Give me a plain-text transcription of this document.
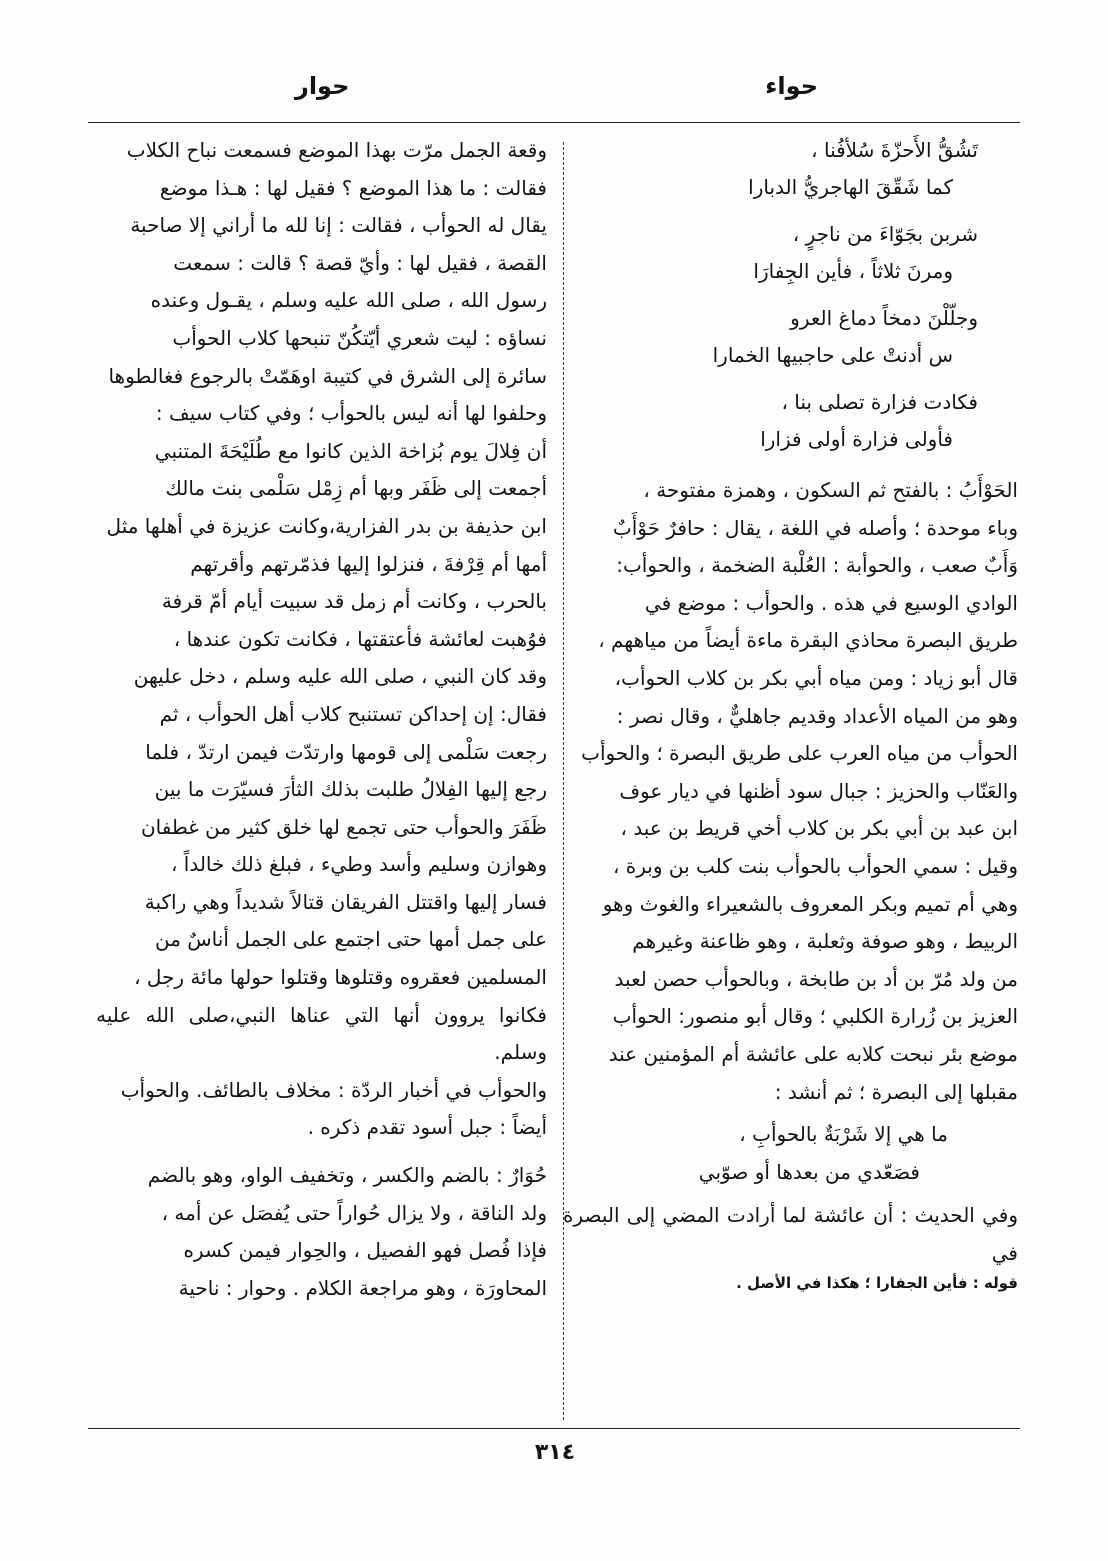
حواء
حوار
تَشُقُّ الأَحزّةَ سُلأفُنا ،
كما شَقّقَ الهاجريُّ الدبارا
شربن بجَوّاءَ من ناجرٍ ،
ومرنَ ثلاثاً ، فأين الجِفارَا
وجلّلْنَ دمخاً دماغ العرو
س أدنتْ على حاجبيها الخمارا
فكادت فزارة تصلى بنا ،
فأولى فزارة أولى فزارا

الحَوْأَبُ : بالفتح ثم السكون ، وهمزة مفتوحة ،

وباء موحدة ؛ وأصله في اللغة ، يقال : حافرٌ حَوْأَبٌ

وَأَبٌ صعب ، والحوأبة : العُلْبة الضخمة ، والحوأب:

الوادي الوسيع في هذه . والحوأب : موضع في

طريق البصرة محاذي البقرة ماءة أيضاً من مياههم ،

قال أبو زياد : ومن مياه أبي بكر بن كلاب الحوأب،

وهو من المياه الأعداد وقديم جاهليٌّ ، وقال نصر :

الحوأب من مياه العرب على طريق البصرة ؛ والحوأب

والعَنّاب والحزيز : جبال سود أظنها في ديار عوف

ابن عبد بن أبي بكر بن كلاب أخي قريط بن عبد ،

وقيل : سمي الحوأب بالحوأب بنت كلب بن وبرة ،

وهي أم تميم وبكر المعروف بالشعيراء والغوث وهو

الربيط ، وهو صوفة وثعلبة ، وهو ظاعنة وغيرهم

من ولد مُرّ بن أد بن طابخة ، وبالحوأب حصن لعبد

العزيز بن زُرارة الكلبي ؛ وقال أبو منصور: الحوأب

موضع بئر نبحت كلابه على عائشة أم المؤمنين عند

مقبلها إلى البصرة ؛ ثم أنشد :

ما هي إلا شَرْبَةٌ بالحوأبِ ،
فصَعّدي من بعدها أو صوّبي

وفي الحديث : أن عائشة لما أرادت المضي إلى البصرة في

قوله : فأين الجفارا ؛ هكذا في الأصل .

وقعة الجمل مرّت بهذا الموضع فسمعت نباح الكلاب

فقالت : ما هذا الموضع ؟ فقيل لها : هـذا موضع

يقال له الحوأب ، فقالت : إنا لله ما أراني إلا صاحبة

القصة ، فقيل لها : وأيّ قصة ؟ قالت : سمعت

رسول الله ، صلى الله عليه وسلم ، يقـول وعنده

نساؤه : ليت شعري أيّتكُنّ تنبحها كلاب الحوأب

سائرة إلى الشرق في كتيبة اوهَمّتْ بالرجوع فغالطوها

وحلفوا لها أنه ليس بالحوأب ؛ وفي كتاب سيف :

أن فِلالَ يوم بُزاخة الذين كانوا مع طُلَيْحَةَ المتنبي

أجمعت إلى ظَفَر وبها أم زِمْل سَلْمى بنت مالك

ابن حذيفة بن بدر الفزارية،وكانت عزيزة في أهلها مثل

أمها أم قِرْفةَ ، فنزلوا إليها فذمّرتهم وأقرتهم

بالحرب ، وكانت أم زمل قد سبيت أيام أمّ قرفة

فوُهبت لعائشة فأعتقتها ، فكانت تكون عندها ،

وقد كان النبي ، صلى الله عليه وسلم ، دخل عليهن

فقال: إن إحداكن تستنبح كلاب أهل الحوأب ، ثم

رجعت سَلْمى إلى قومها وارتدّت فيمن ارتدّ ، فلما

رجع إليها الفِلالُ طلبت بذلك الثأرَ فسيّرَت ما بين

ظَفَرَ والحوأب حتى تجمع لها خلق كثير من غطفان

وهوازن وسليم وأسد وطيء ، فبلغ ذلك خالداً ،

فسار إليها واقتتل الفريقان قتالاً شديداً وهي راكبة

على جمل أمها حتى اجتمع على الجمل أناسٌ من

المسلمين فعقروه وقتلوها وقتلوا حولها مائة رجل ،

فكانوا يروون أنها التي عناها النبي،صلى الله عليه وسلم.

والحوأب في أخبار الردّة : مخلاف بالطائف. والحوأب

أيضاً : جبل أسود تقدم ذكره .

حُوَارٌ : بالضم والكسر ، وتخفيف الواو، وهو بالضم

ولد الناقة ، ولا يزال حُواراً حتى يُفصَل عن أمه ،

فإذا فُصل فهو الفصيل ، والحِوار فيمن كسره

المحاورَة ، وهو مراجعة الكلام . وحوار : ناحية

٣١٤
